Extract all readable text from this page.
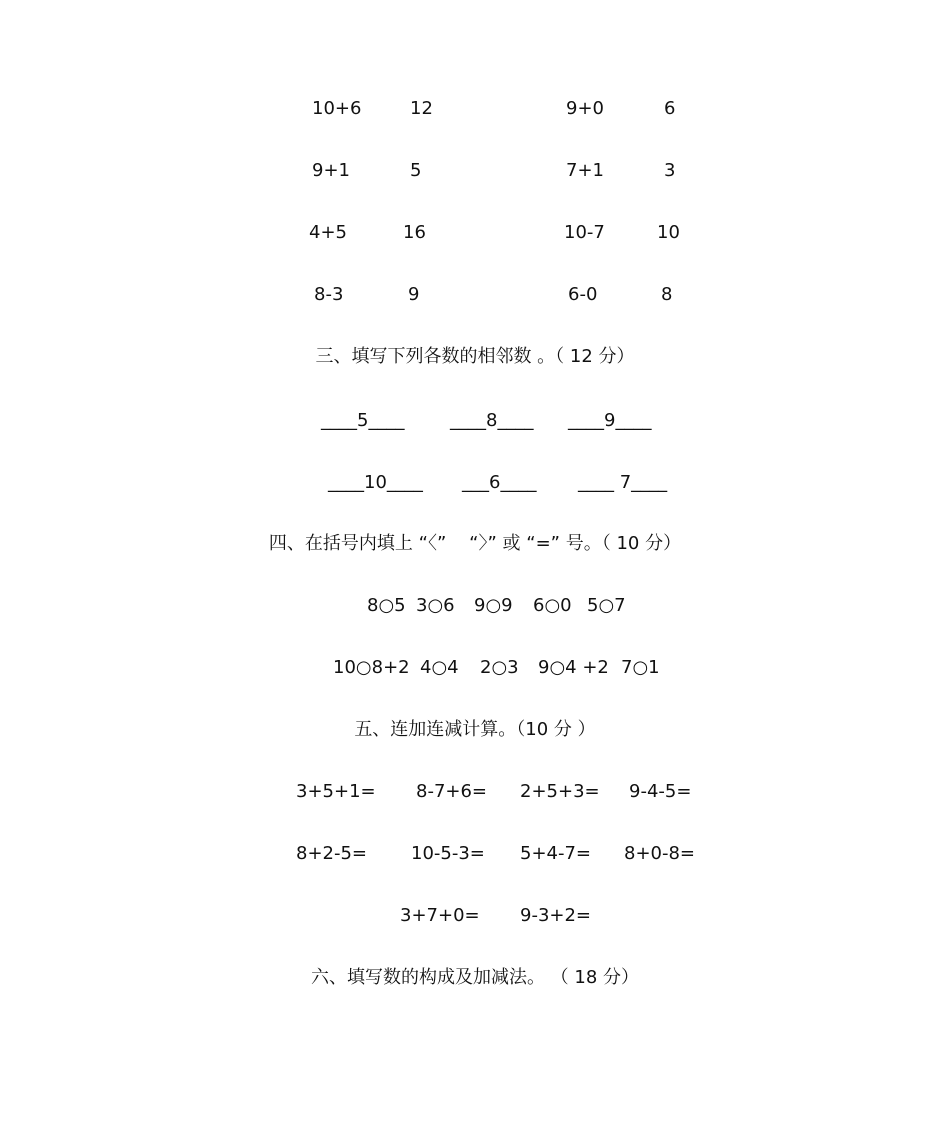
10+6	12	9+0	6
9+1	5	7+1	3
4+5	16	10-7	10
8-3	9	6-0	8
三、填写下列各数的相邻数 。（ 12 分）
____5____	____8____ ____9____
____10____ ___6____ ____ 7____
四、在括号内填上 “〈”    “〉” 或 “=” 号。（ 10 分）
8○5 3○6 9○9 6○0 5○7
10○8+2 4○4 2○3 9○4 +2 7○1
五、连加连减计算。（10 分 ）
3+5+1= 8-7+6= 2+5+3= 9-4-5=
8+2-5= 10-5-3= 5+4-7= 8+0-8=
3+7+0= 9-3+2=
六、填写数的构成及加减法。 （ 18 分）
